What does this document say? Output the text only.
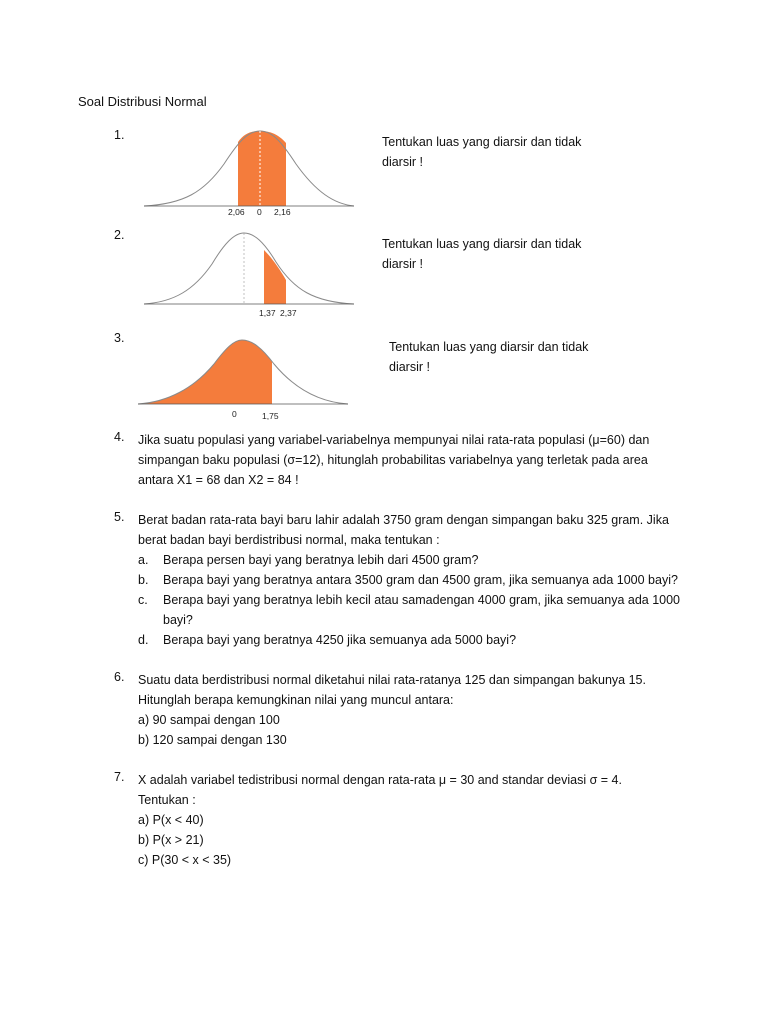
Soal Distribusi Normal
1.
2,06 0 2,16
Tentukan luas yang diarsir dan tidak diarsir !
2.
1,37 2,37
Tentukan luas yang diarsir dan tidak diarsir !
3.
0	1,75
Tentukan luas yang diarsir dan tidak diarsir !
4. Jika suatu populasi yang variabel-variabelnya mempunyai nilai rata-rata populasi (μ=60) dan
simpangan baku populasi (σ=12), hitunglah probabilitas variabelnya yang terletak pada area
antara X1 = 68 dan X2 = 84 !
5. Berat badan rata-rata bayi baru lahir adalah 3750 gram dengan simpangan baku 325 gram. Jika
berat badan bayi berdistribusi normal, maka tentukan :
a.	Berapa persen bayi yang beratnya lebih dari 4500 gram?
b.	Berapa bayi yang beratnya antara 3500 gram dan 4500 gram, jika semuanya ada 1000 bayi?
c.	Berapa bayi yang beratnya lebih kecil atau samadengan 4000 gram, jika semuanya ada 1000
bayi?
d.	Berapa bayi yang beratnya 4250 jika semuanya ada 5000 bayi?
6. Suatu data berdistribusi normal diketahui nilai rata-ratanya 125 dan simpangan bakunya 15.
Hitunglah berapa kemungkinan nilai yang muncul antara:
a) 90 sampai dengan 100
b) 120 sampai dengan 130
7. X adalah variabel tedistribusi normal dengan rata-rata μ = 30 and standar deviasi σ = 4.
Tentukan :
a) P(x < 40)
b) P(x > 21)
c) P(30 < x < 35)
